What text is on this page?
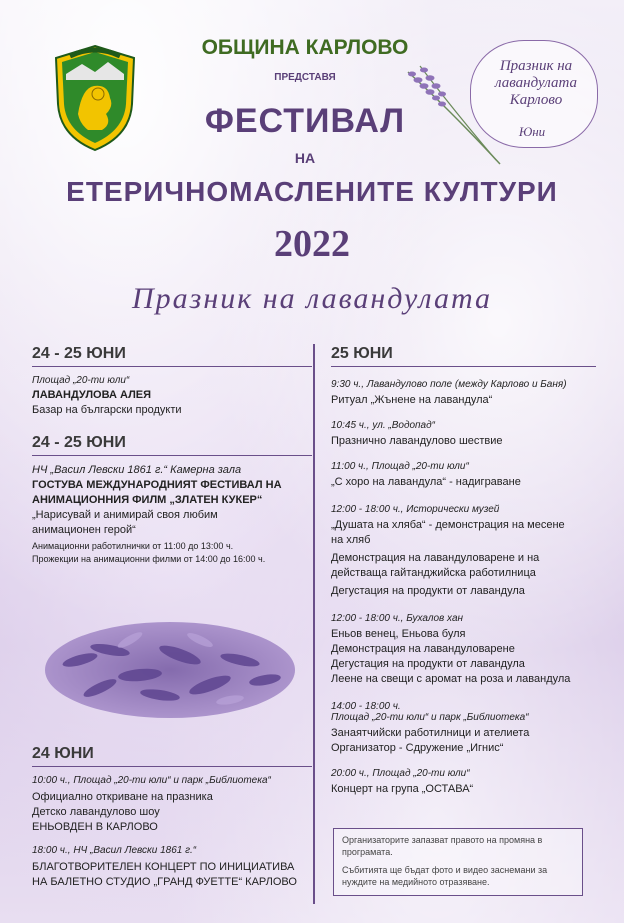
ОБЩИНА КАРЛОВО
ПРЕДСТАВЯ
ФЕСТИВАЛ
НА
ЕТЕРИЧНОМАСЛЕНИТЕ КУЛТУРИ
2022
Празник на лавандулата
Празник на
лавандулата
Карлово
Юни
24 - 25 ЮНИ
Площад „20-ти юли“
ЛАВАНДУЛОВА АЛЕЯ
Базар на български продукти
24 - 25 ЮНИ
НЧ „Васил Левски 1861 г.“ Камерна зала
ГОСТУВА МЕЖДУНАРОДНИЯТ ФЕСТИВАЛ НА
АНИМАЦИОННИЯ ФИЛМ „ЗЛАТЕН КУКЕР“
„Нарисувай и анимирай своя любим
анимационен герой“
Анимационни работилнички от 11:00 до 13:00 ч.
Прожекции на анимационни филми от 14:00 до 16:00 ч.
24 ЮНИ
10:00 ч., Площад „20-ти юли“ и парк „Библиотека“
Официално откриване на празника
Детско лавандулово шоу
ЕНЬОВДЕН В КАРЛОВО
18:00 ч., НЧ „Васил Левски 1861 г.“
БЛАГОТВОРИТЕЛЕН КОНЦЕРТ ПО ИНИЦИАТИВА
НА БАЛЕТНО СТУДИО „ГРАНД ФУЕТТЕ“ КАРЛОВО
25 ЮНИ
9:30 ч., Лавандулово поле (между Карлово и Баня)
Ритуал „Жънене на лавандула“
10:45 ч., ул. „Водопад“
Празнично лавандулово шествие
11:00 ч., Площад „20-ти юли“
„С хоро на лавандула“ - надиграване
12:00 - 18:00 ч., Исторически музей
„Душата на хляба“ - демонстрация на месене
на хляб
Демонстрация на лавандуловарене и на
действаща гайтанджийска работилница
Дегустация на продукти от лавандула
12:00 - 18:00 ч., Бухалов хан
Еньов венец, Еньова буля
Демонстрация на лавандуловарене
Дегустация на продукти от лавандула
Леене на свещи с аромат на роза и лавандула
14:00 - 18:00 ч.
Площад „20-ти юли“ и парк „Библиотека“
Занаятчийски работилници и ателиета
Организатор - Сдружение „Игнис“
20:00 ч., Площад „20-ти юли“
Концерт на група „ОСТАВА“

Организаторите запазват правото на промяна в програмата.

Събитията ще бъдат фото и видео заснемани за нуждите на медийното отразяване.
